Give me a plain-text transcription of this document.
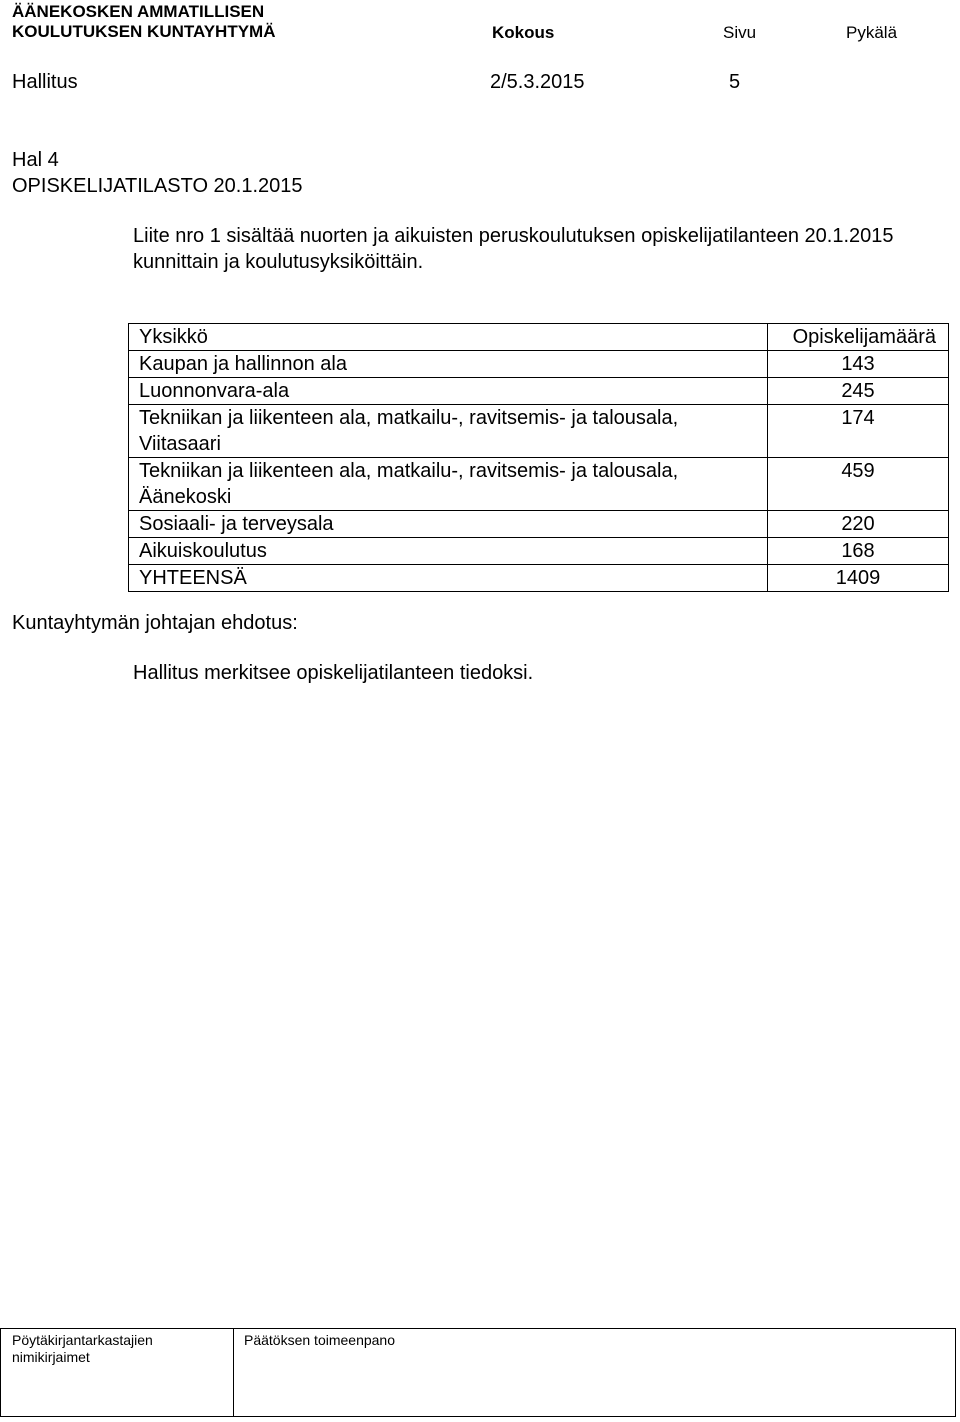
ÄÄNEKOSKEN AMMATILLISEN
KOULUTUKSEN KUNTAYHTYMÄ	Kokous	Sivu	Pykälä
Hallitus	2/5.3.2015	5
Hal 4
OPISKELIJATILASTO 20.1.2015
Liite nro 1 sisältää nuorten ja aikuisten peruskoulutuksen opiskelijatilanteen 20.1.2015 kunnittain ja koulutusyksiköittäin.
Yksikkö	Opiskelijamäärä
Kaupan ja hallinnon ala	143
Luonnonvara-ala	245
Tekniikan ja liikenteen ala, matkailu-, ravitsemis- ja talousala, Viitasaari	174
Tekniikan ja liikenteen ala, matkailu-, ravitsemis- ja talousala, Äänekoski	459
Sosiaali- ja terveysala	220
Aikuiskoulutus	168
YHTEENSÄ	1409
Kuntayhtymän johtajan ehdotus:
Hallitus merkitsee opiskelijatilanteen tiedoksi.
Pöytäkirjantarkastajien nimikirjaimet
Päätöksen toimeenpano
